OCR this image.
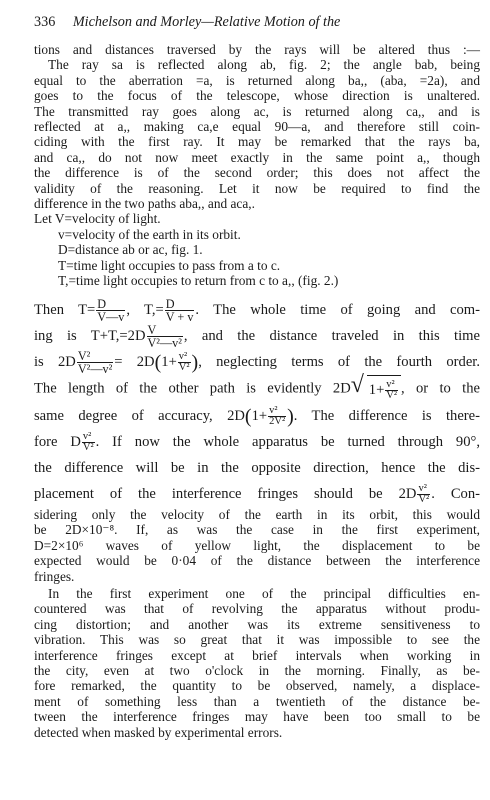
336 Michelson and Morley—Relative Motion of the

tions and distances traversed by the rays will be altered thus :—

The ray sa is reflected along ab, fig. 2; the angle bab, being

equal to the aberration =a, is returned along ba,, (aba, =2a), and

goes to the focus of the telescope, whose direction is unaltered.

The transmitted ray goes along ac, is returned along ca,, and is

reflected at a,, making ca,e equal 90—a, and therefore still coin-

ciding with the first ray. It may be remarked that the rays ba,

and ca,, do not now meet exactly in the same point a,, though

the difference is of the second order; this does not affect the

validity of the reasoning. Let it now be required to find the

difference in the two paths aba,, and aca,.

Let V=velocity of light.

v=velocity of the earth in its orbit.

D=distance ab or ac, fig. 1.

T=time light occupies to pass from a to c.

T,=time light occupies to return from c to a,, (fig. 2.)

Then $T= \frac{D}{V—v}$ , $T,= \frac{D}{V + v}$ . The whole time of going and com-

ing is $T+T,=2D \frac{V}{\text{V²—v²}}$ , and the distance traveled in this time

is $2D \frac{\text{V²}}{\text{V²—v²}} = 2D(1+ \frac{\text{v²}}{\text{V²}}$ ), neglecting terms of the fourth order.

The length of the other path is evidently 2D √ $1+ \frac{\text{v²}}{\text{V²}}$ , or to the

same degree of accuracy, $2D(1+ \frac{\text{v²}}{\text{2V²}}$ ). The difference is there-

fore D $\frac{\text{v²}}{\text{V²}}$ . If now the whole apparatus be turned through 90°,

the difference will be in the opposite direction, hence the dis-

placement of the interference fringes should be $2D \frac{\text{v²}}{\text{V²}}$ . Con-

sidering only the velocity of the earth in its orbit, this would

be 2D×10⁻⁸. If, as was the case in the first experiment,

D=2×10⁶ waves of yellow light, the displacement to be

expected would be 0·04 of the distance between the interference

fringes.

In the first experiment one of the principal difficulties en-

countered was that of revolving the apparatus without produ-

cing distortion; and another was its extreme sensitiveness to

vibration. This was so great that it was impossible to see the

interference fringes except at brief intervals when working in

the city, even at two o'clock in the morning. Finally, as be-

fore remarked, the quantity to be observed, namely, a displace-

ment of something less than a twentieth of the distance be-

tween the interference fringes may have been too small to be

detected when masked by experimental errors.
